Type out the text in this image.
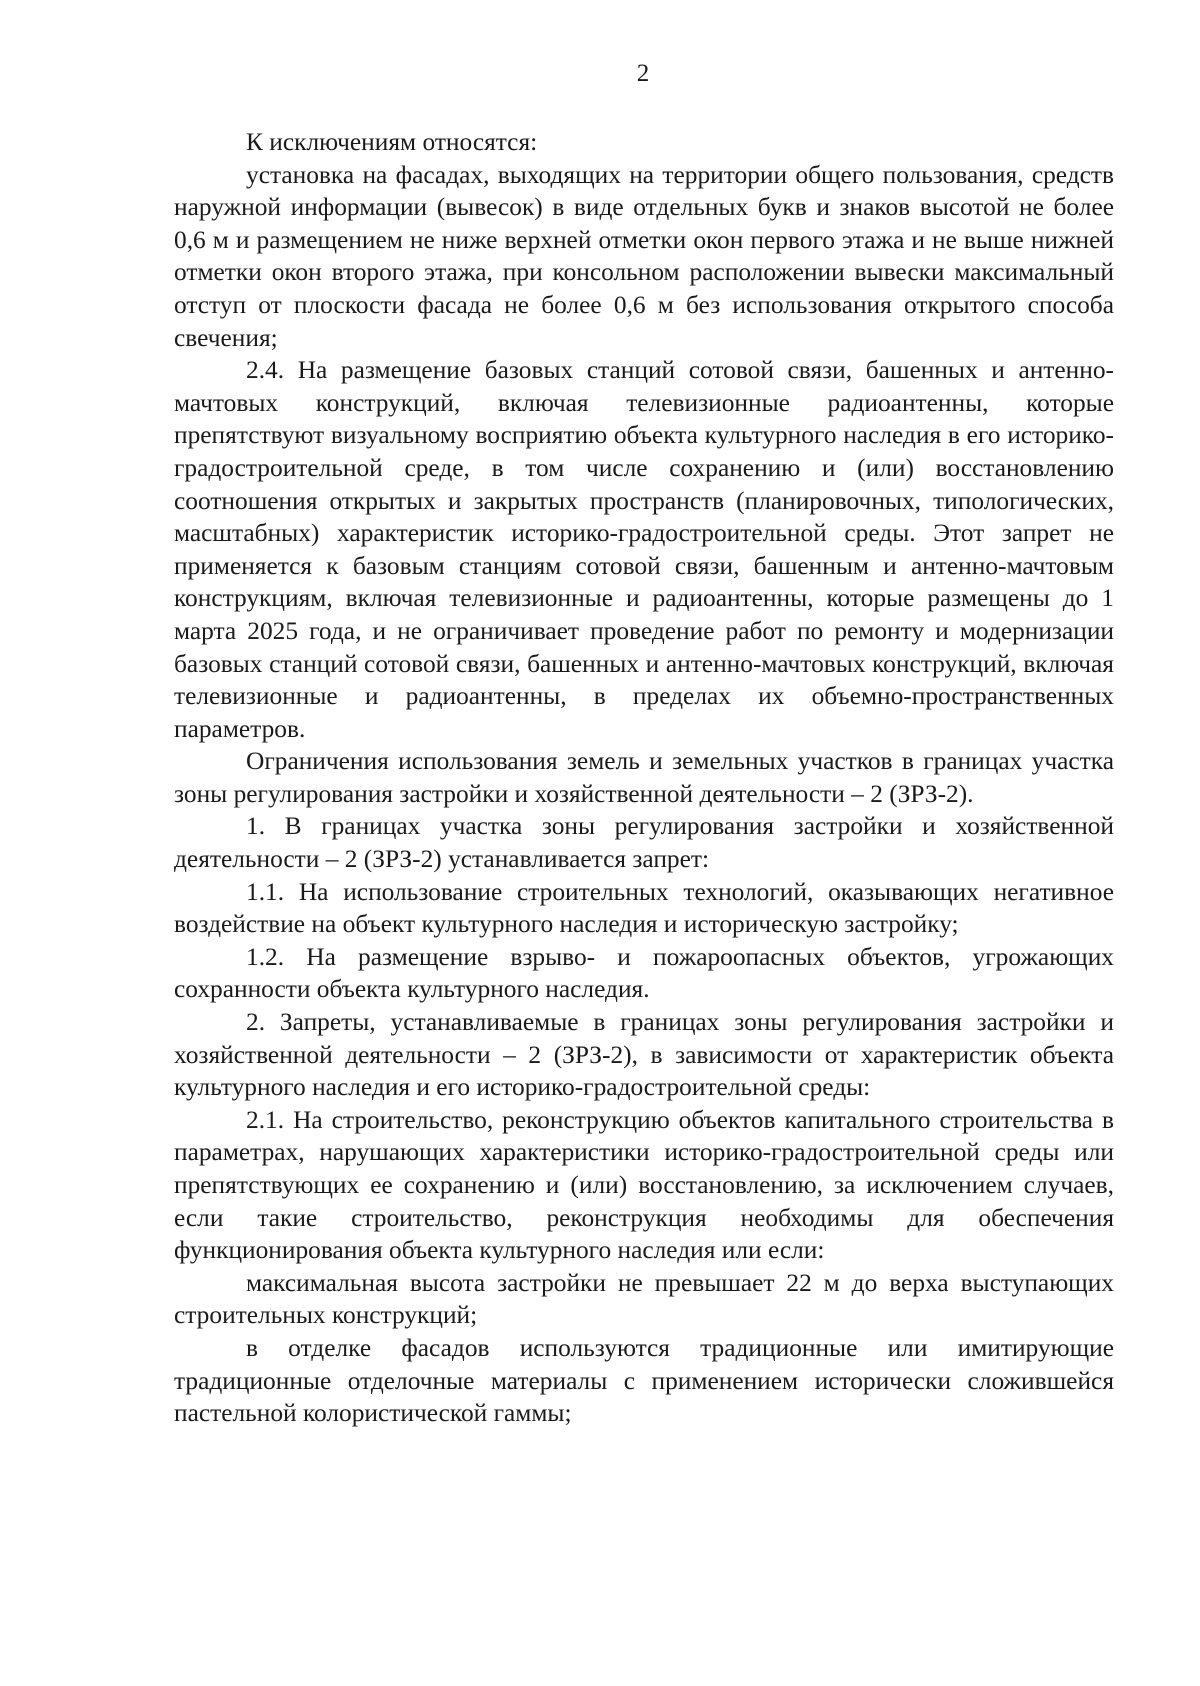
2

К исключениям относятся:

установка на фасадах, выходящих на территории общего пользования, средств наружной информации (вывесок) в виде отдельных букв и знаков высотой не более 0,6 м и размещением не ниже верхней отметки окон первого этажа и не выше нижней отметки окон второго этажа, при консольном расположении вывески максимальный отступ от плоскости фасада не более 0,6 м без использования открытого способа свечения;

2.4. На размещение базовых станций сотовой связи, башенных и антенно-мачтовых конструкций, включая телевизионные радиоантенны, которые препятствуют визуальному восприятию объекта культурного наследия в его историко-градостроительной среде, в том числе сохранению и (или) восстановлению соотношения открытых и закрытых пространств (планировочных, типологических, масштабных) характеристик историко-градостроительной среды. Этот запрет не применяется к базовым станциям сотовой связи, башенным и антенно-мачтовым конструкциям, включая телевизионные и радиоантенны, которые размещены до 1 марта 2025 года, и не ограничивает проведение работ по ремонту и модернизации базовых станций сотовой связи, башенных и антенно-мачтовых конструкций, включая телевизионные и радиоантенны, в пределах их объемно-пространственных параметров.

Ограничения использования земель и земельных участков в границах участка зоны регулирования застройки и хозяйственной деятельности – 2 (ЗРЗ-2).

1. В границах участка зоны регулирования застройки и хозяйственной деятельности – 2 (ЗРЗ-2) устанавливается запрет:

1.1. На использование строительных технологий, оказывающих негативное воздействие на объект культурного наследия и историческую застройку;

1.2. На размещение взрыво- и пожароопасных объектов, угрожающих сохранности объекта культурного наследия.

2. Запреты, устанавливаемые в границах зоны регулирования застройки и хозяйственной деятельности – 2 (ЗРЗ-2), в зависимости от характеристик объекта культурного наследия и его историко-градостроительной среды:

2.1. На строительство, реконструкцию объектов капитального строительства в параметрах, нарушающих характеристики историко-градостроительной среды или препятствующих ее сохранению и (или) восстановлению, за исключением случаев, если такие строительство, реконструкция необходимы для обеспечения функционирования объекта культурного наследия или если:

максимальная высота застройки не превышает 22 м до верха выступающих строительных конструкций;

в отделке фасадов используются традиционные или имитирующие традиционные отделочные материалы с применением исторически сложившейся пастельной колористической гаммы;
